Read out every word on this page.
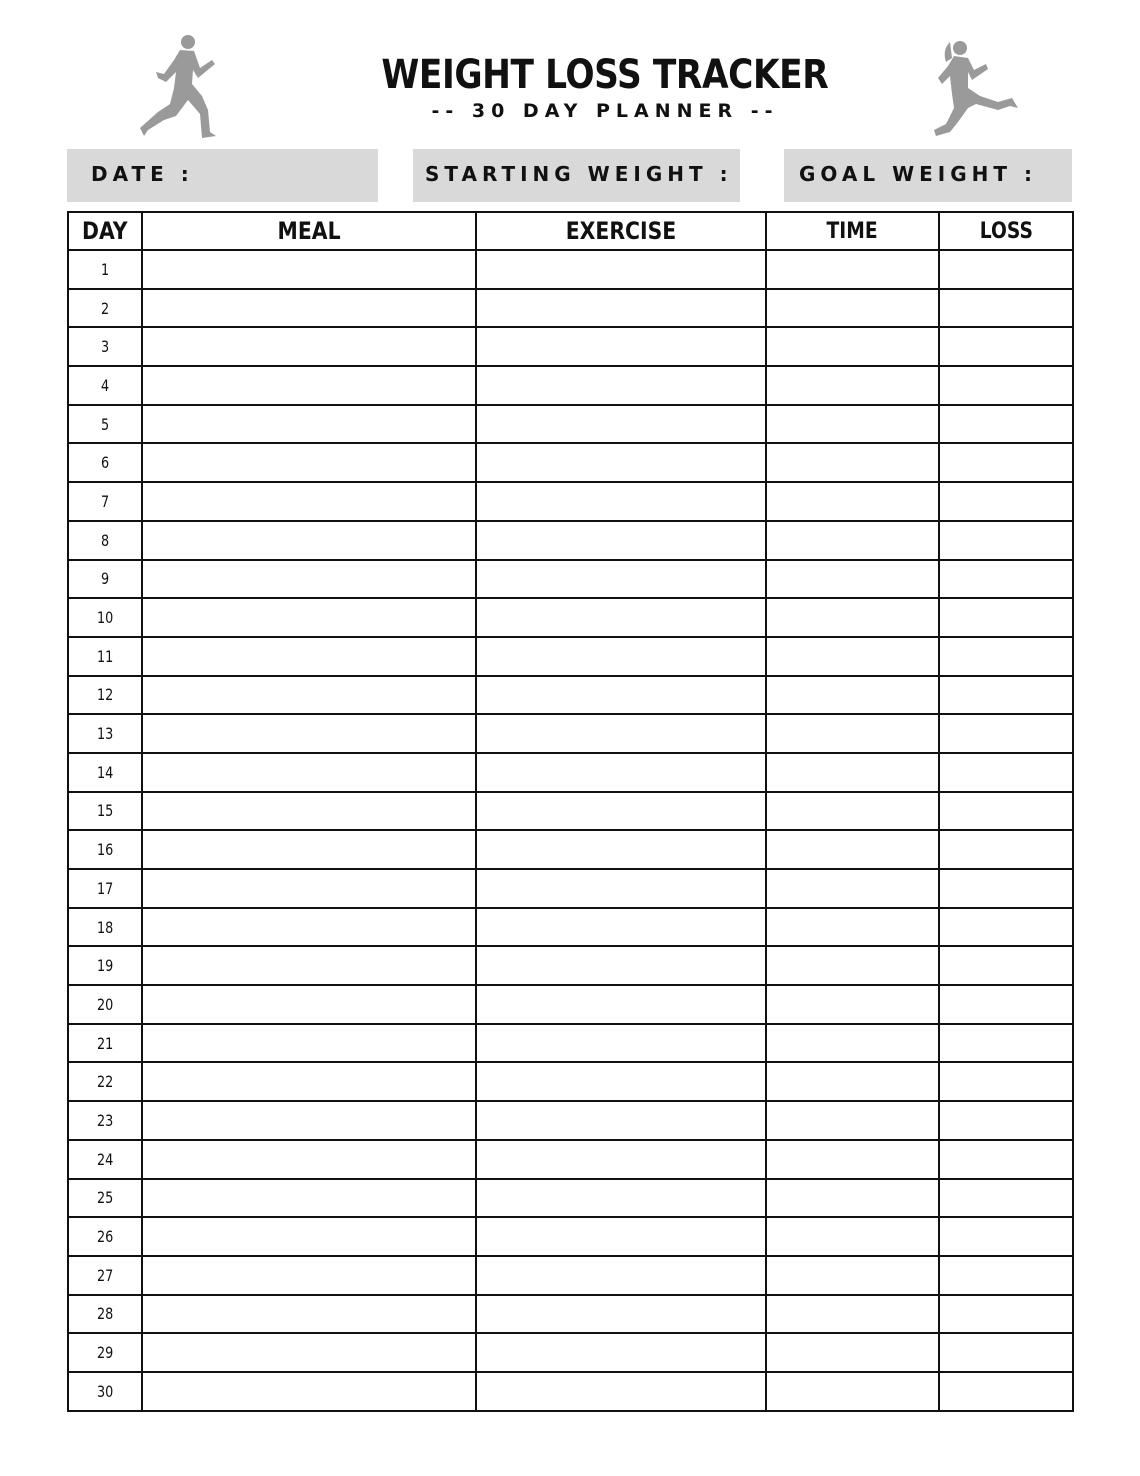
WEIGHT LOSS TRACKER
-- 30 DAY PLANNER --
DATE :	STARTING WEIGHT :	GOAL WEIGHT :
DAY	MEAL	EXERCISE	TIME	LOSS
1				
2				
3				
4				
5				
6				
7				
8				
9				
10				
11				
12				
13				
14				
15				
16				
17				
18				
19				
20				
21				
22				
23				
24				
25				
26				
27				
28				
29				
30				
